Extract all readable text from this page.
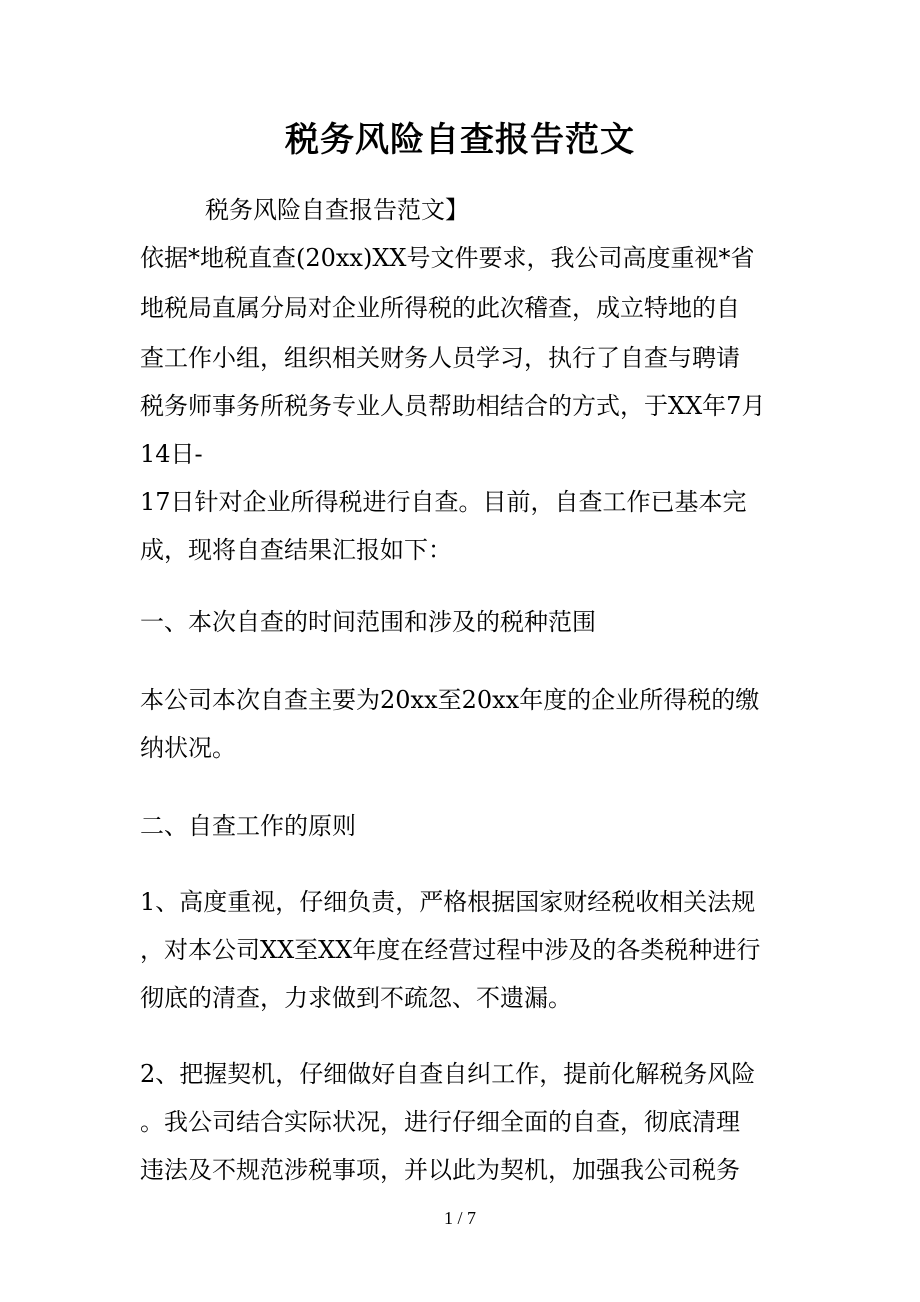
税务风险自查报告范文
税务风险自查报告范文】
依据*地税直查(20xx)XX号文件要求，我公司高度重视*省
地税局直属分局对企业所得税的此次稽查，成立特地的自
查工作小组，组织相关财务人员学习，执行了自查与聘请
税务师事务所税务专业人员帮助相结合的方式，于XX年7月
14日-
17日针对企业所得税进行自查。目前，自查工作已基本完
成，现将自查结果汇报如下：
一、本次自查的时间范围和涉及的税种范围
本公司本次自查主要为20xx至20xx年度的企业所得税的缴
纳状况。
二、自查工作的原则
1、高度重视，仔细负责，严格根据国家财经税收相关法规
，对本公司XX至XX年度在经营过程中涉及的各类税种进行
彻底的清查，力求做到不疏忽、不遗漏。
2、把握契机，仔细做好自查自纠工作，提前化解税务风险
。我公司结合实际状况，进行仔细全面的自查，彻底清理
违法及不规范涉税事项，并以此为契机，加强我公司税务
1 / 7
